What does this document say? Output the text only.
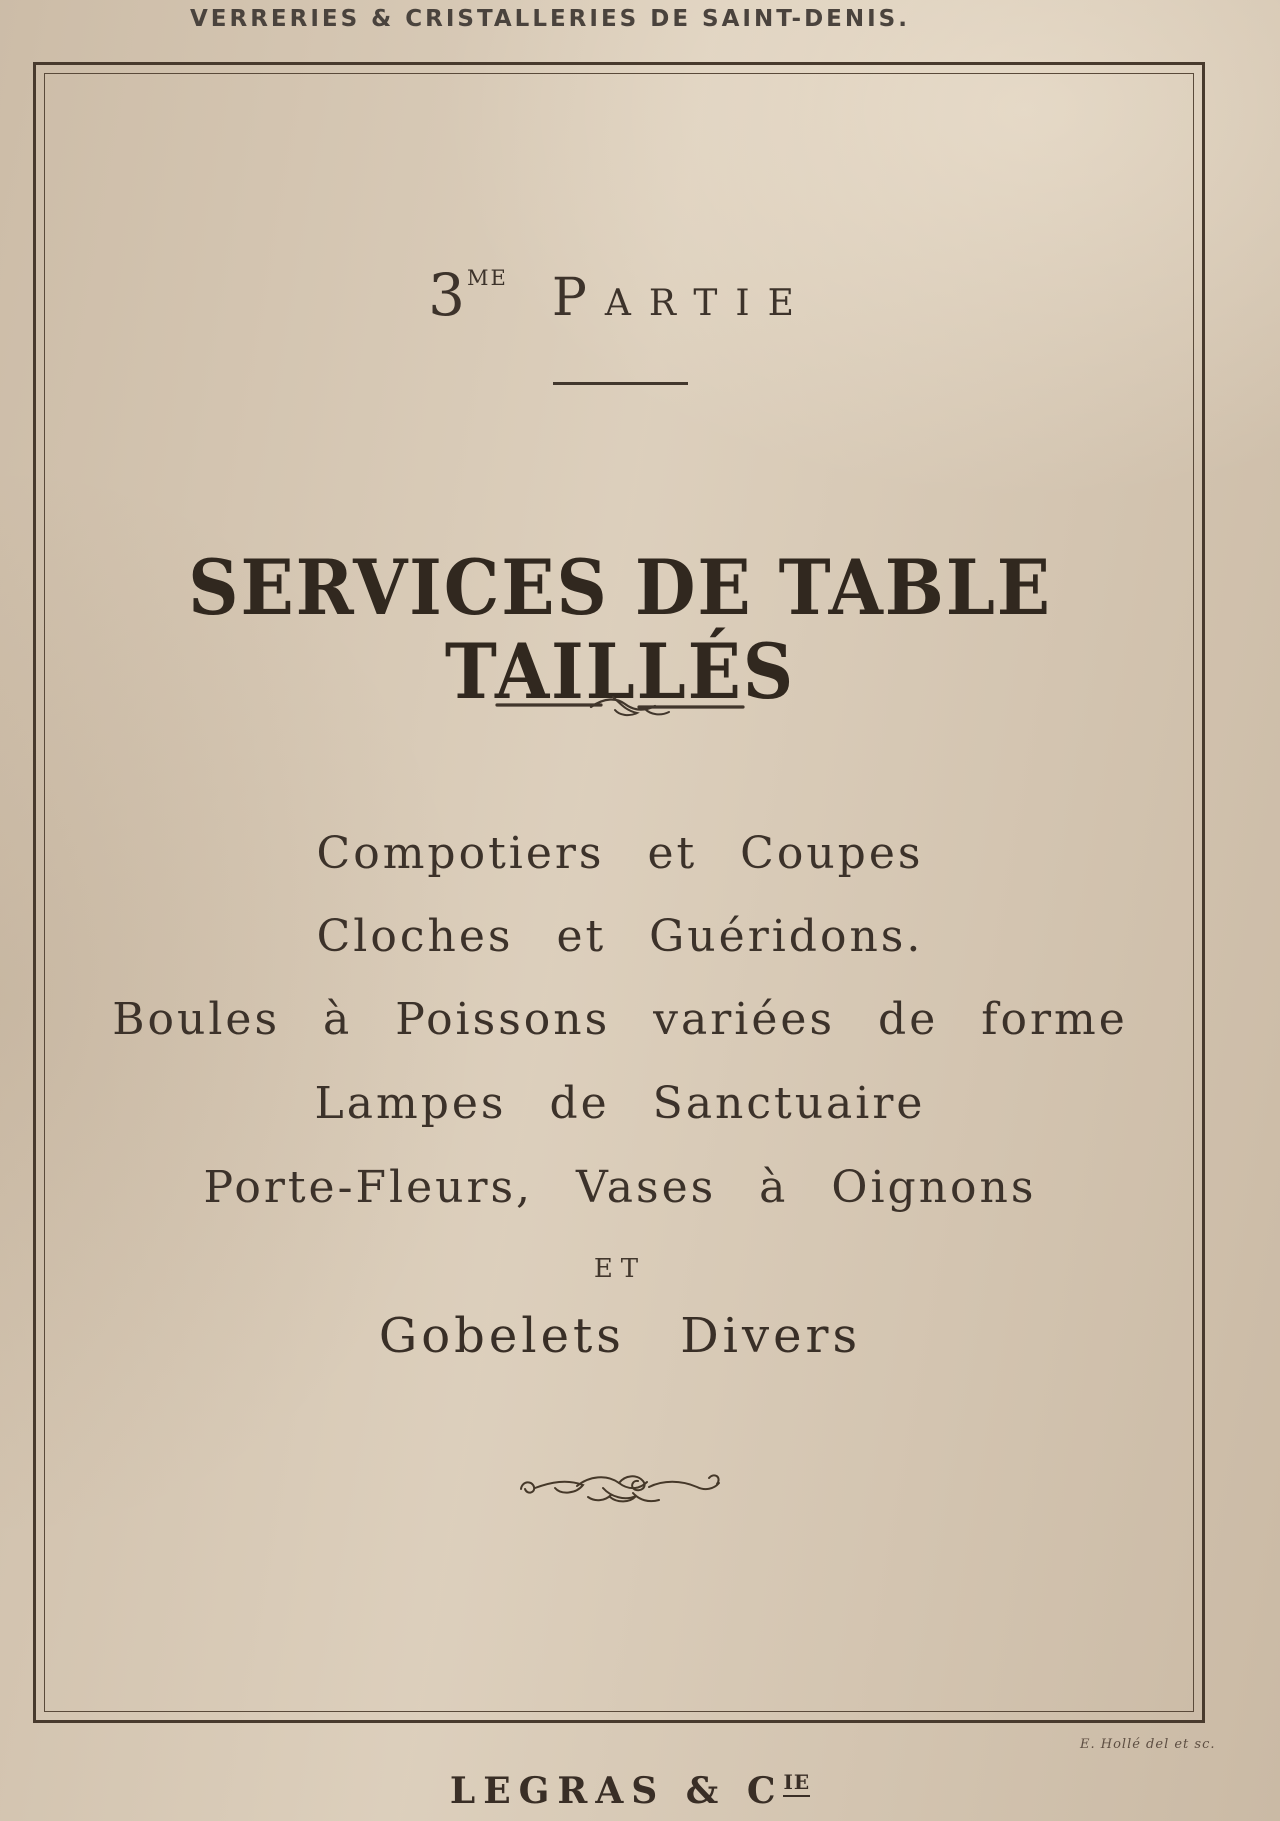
VERRERIES & CRISTALLERIES DE SAINT-DENIS.
3ME Partie
SERVICES DE TABLE TAILLÉS
Compotiers et Coupes
Cloches et Guéridons.
Boules à Poissons variées de forme
Lampes de Sanctuaire
Porte-Fleurs, Vases à Oignons
ET
Gobelets Divers
E. Hollé del et sc.
LEGRAS & $C^{IE}$
